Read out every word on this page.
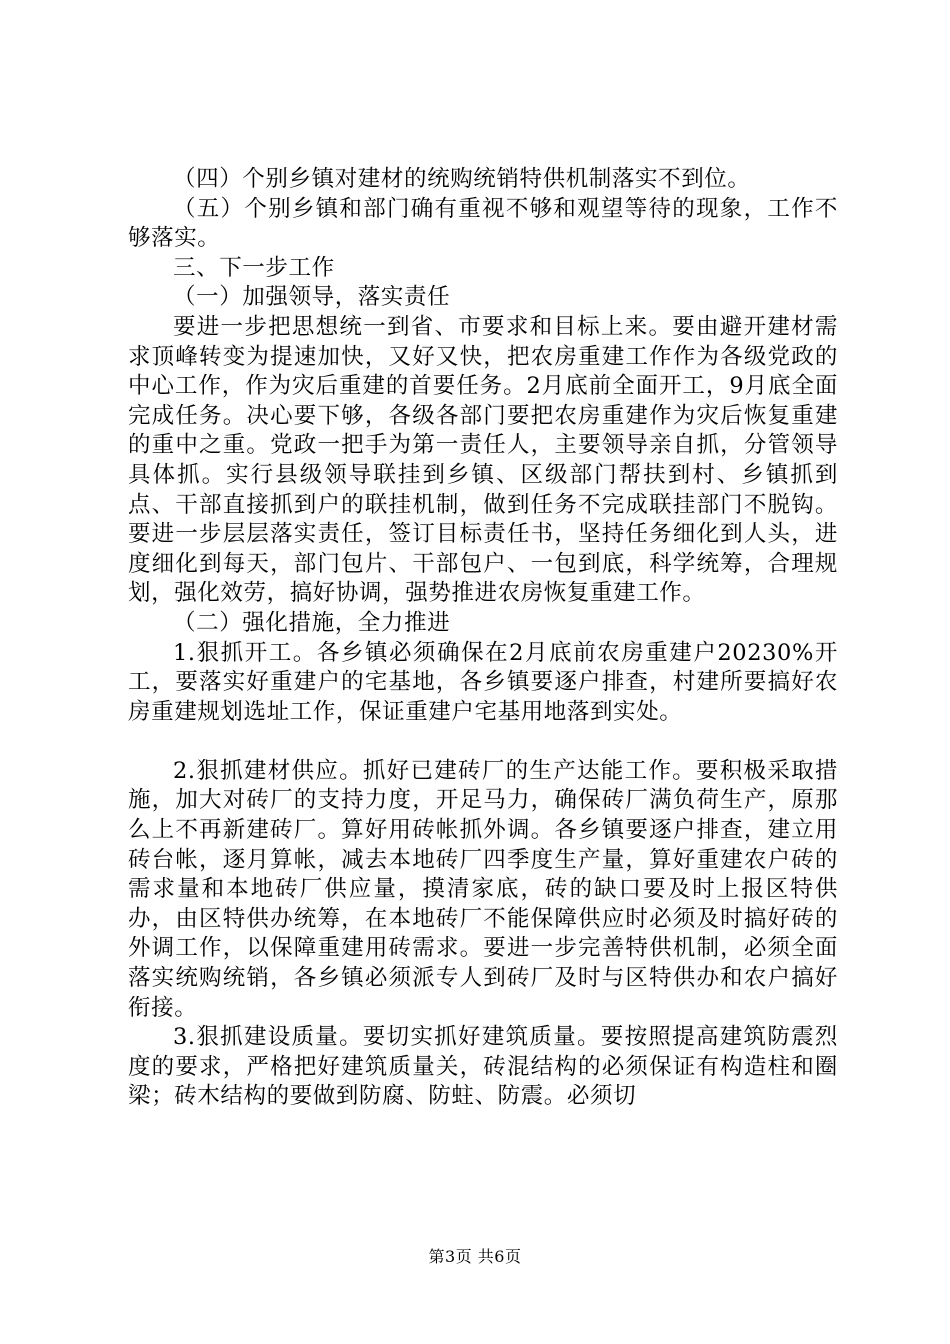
（四）个别乡镇对建材的统购统销特供机制落实不到位。

（五）个别乡镇和部门确有重视不够和观望等待的现象，工作不够落实。

三、下一步工作

（一）加强领导，落实责任

要进一步把思想统一到省、市要求和目标上来。要由避开建材需求顶峰转变为提速加快，又好又快，把农房重建工作作为各级党政的中心工作，作为灾后重建的首要任务。2月底前全面开工，9月底全面完成任务。决心要下够，各级各部门要把农房重建作为灾后恢复重建的重中之重。党政一把手为第一责任人，主要领导亲自抓，分管领导具体抓。实行县级领导联挂到乡镇、区级部门帮扶到村、乡镇抓到点、干部直接抓到户的联挂机制，做到任务不完成联挂部门不脱钩。要进一步层层落实责任，签订目标责任书，坚持任务细化到人头，进度细化到每天，部门包片、干部包户、一包到底，科学统筹，合理规划，强化效劳，搞好协调，强势推进农房恢复重建工作。

（二）强化措施，全力推进

1.狠抓开工。各乡镇必须确保在2月底前农房重建户20230%开工，要落实好重建户的宅基地，各乡镇要逐户排查，村建所要搞好农房重建规划选址工作，保证重建户宅基用地落到实处。

2.狠抓建材供应。抓好已建砖厂的生产达能工作。要积极采取措施，加大对砖厂的支持力度，开足马力，确保砖厂满负荷生产，原那么上不再新建砖厂。算好用砖帐抓外调。各乡镇要逐户排查，建立用砖台帐，逐月算帐，减去本地砖厂四季度生产量，算好重建农户砖的需求量和本地砖厂供应量，摸清家底，砖的缺口要及时上报区特供办，由区特供办统筹，在本地砖厂不能保障供应时必须及时搞好砖的外调工作，以保障重建用砖需求。要进一步完善特供机制，必须全面落实统购统销，各乡镇必须派专人到砖厂及时与区特供办和农户搞好衔接。

3.狠抓建设质量。要切实抓好建筑质量。要按照提高建筑防震烈度的要求，严格把好建筑质量关，砖混结构的必须保证有构造柱和圈梁；砖木结构的要做到防腐、防蛀、防震。必须切

第3页 共6页
